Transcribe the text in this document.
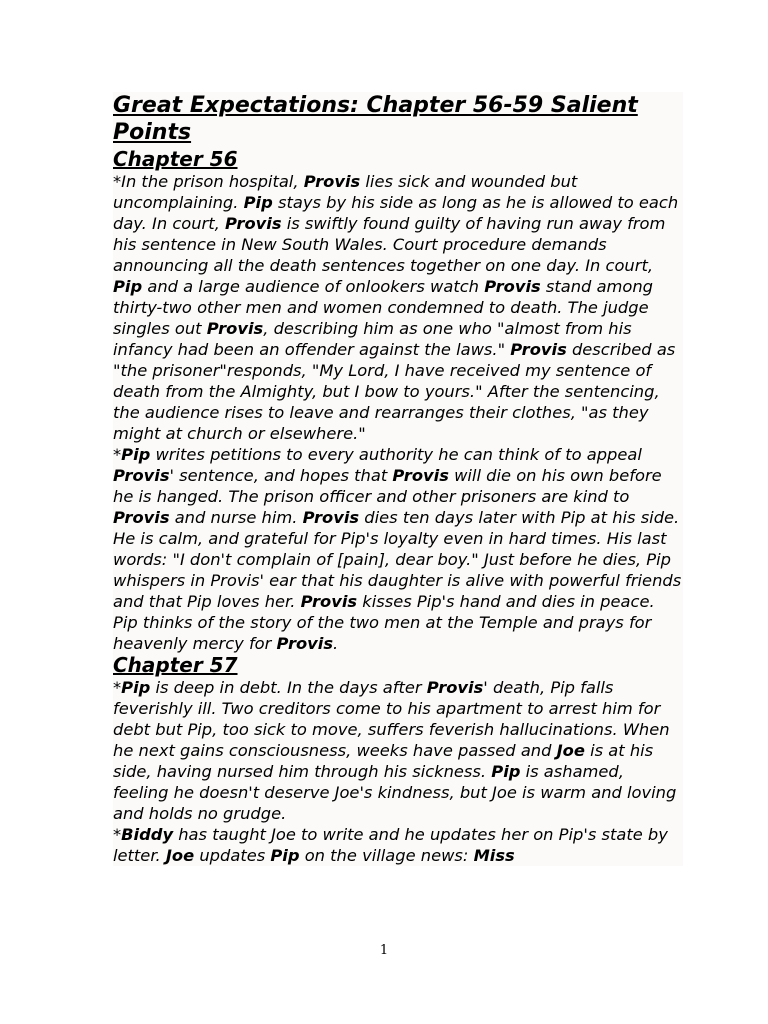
Great Expectations: Chapter 56-59 Salient Points
Chapter 56

*In the prison hospital, Provis lies sick and wounded but uncomplaining. Pip stays by his side as long as he is allowed to each day. In court, Provis is swiftly found guilty of having run away from his sentence in New South Wales. Court procedure demands announcing all the death sentences together on one day. In court, Pip and a large audience of onlookers watch Provis stand among thirty-two other men and women condemned to death. The judge singles out Provis, describing him as one who "almost from his infancy had been an offender against the laws." Provis described as "the prisoner"responds, "My Lord, I have received my sentence of death from the Almighty, but I bow to yours." After the sentencing, the audience rises to leave and rearranges their clothes, "as they might at church or elsewhere."

*Pip writes petitions to every authority he can think of to appeal Provis' sentence, and hopes that Provis will die on his own before he is hanged. The prison officer and other prisoners are kind to Provis and nurse him. Provis dies ten days later with Pip at his side. He is calm, and grateful for Pip's loyalty even in hard times. His last words: "I don't complain of [pain], dear boy." Just before he dies, Pip whispers in Provis' ear that his daughter is alive with powerful friends and that Pip loves her. Provis kisses Pip's hand and dies in peace. Pip thinks of the story of the two men at the Temple and prays for heavenly mercy for Provis.

Chapter 57

*Pip is deep in debt. In the days after Provis' death, Pip falls feverishly ill. Two creditors come to his apartment to arrest him for debt but Pip, too sick to move, suffers feverish hallucinations. When he next gains consciousness, weeks have passed and Joe is at his side, having nursed him through his sickness. Pip is ashamed, feeling he doesn't deserve Joe's kindness, but Joe is warm and loving and holds no grudge.

*Biddy has taught Joe to write and he updates her on Pip's state by letter. Joe updates Pip on the village news: Miss

1
